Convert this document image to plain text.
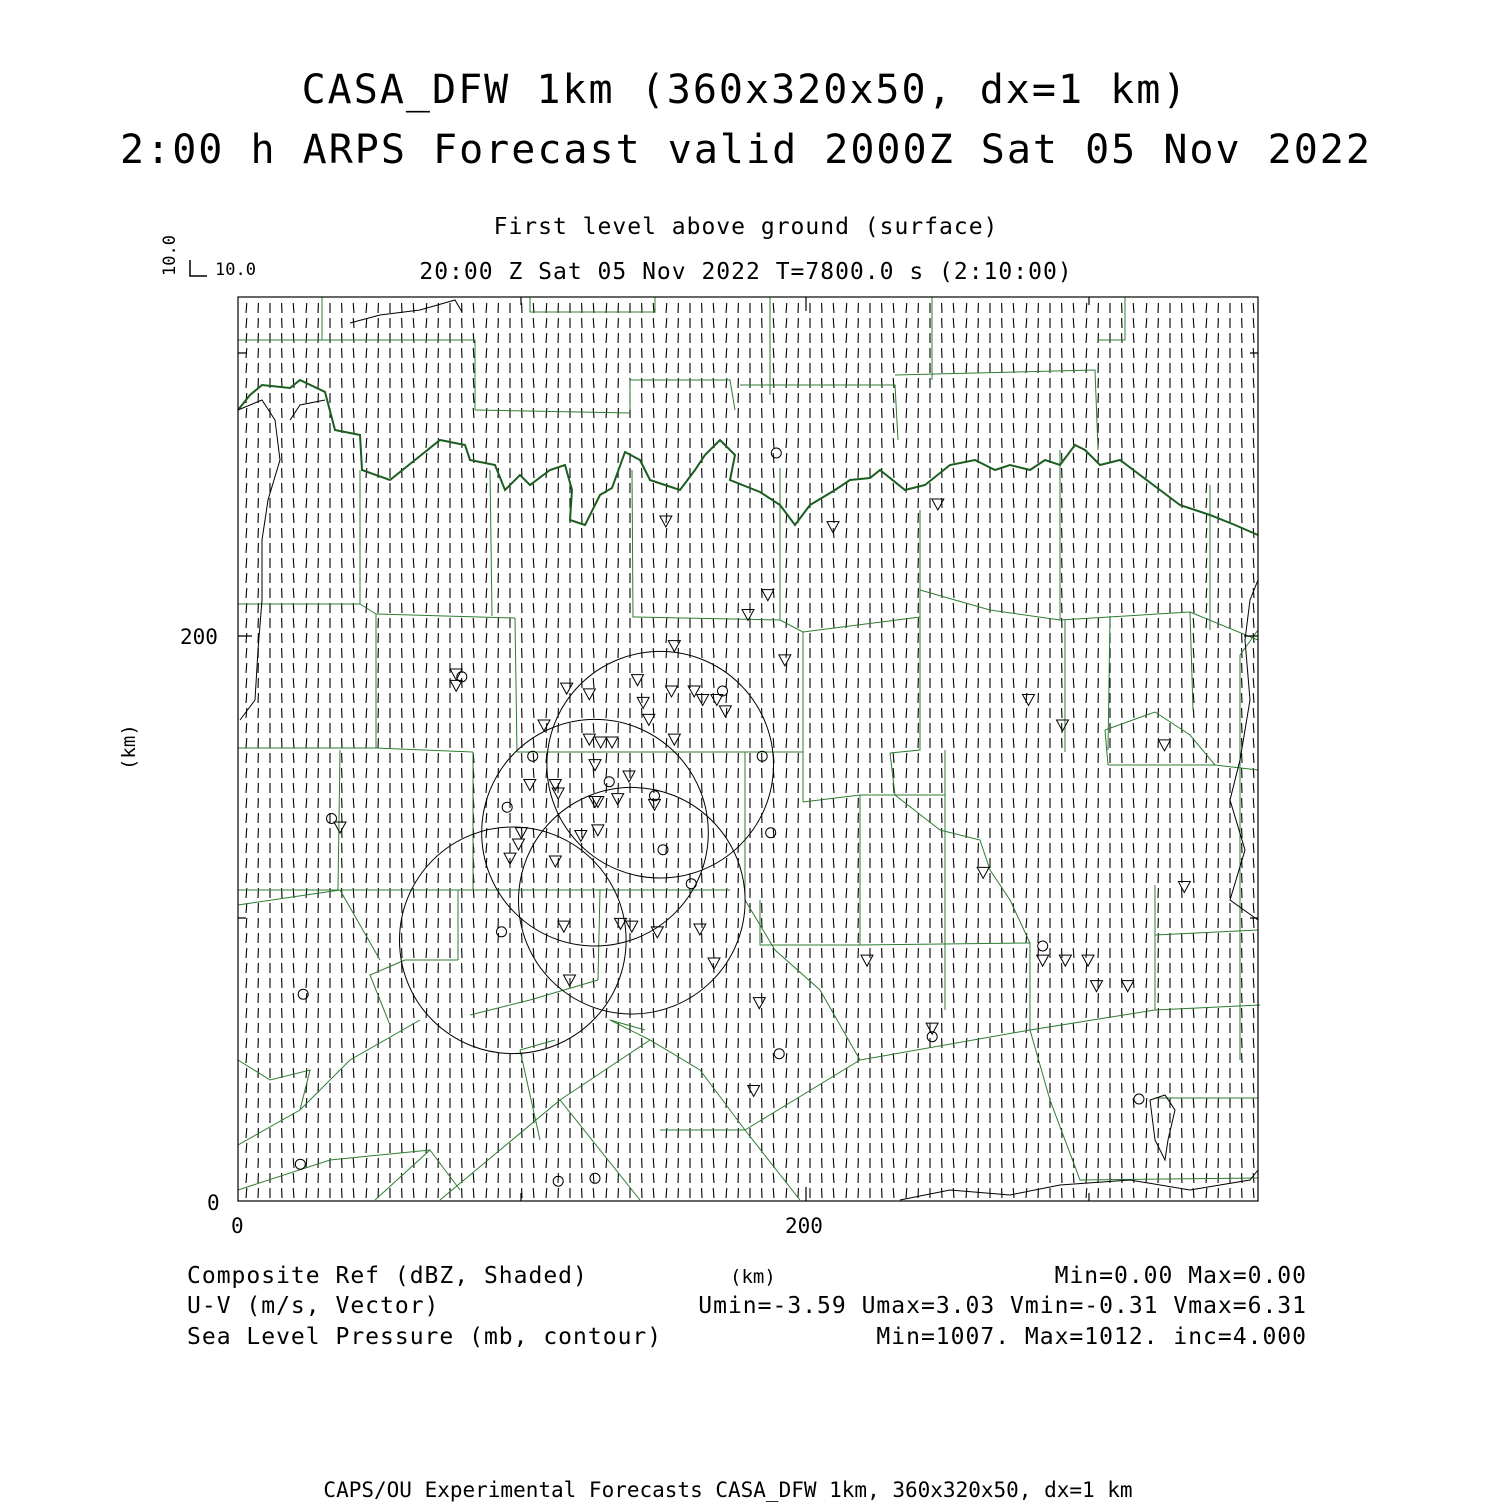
CASA_DFW 1km (360x320x50, dx=1 km)
2:00 h ARPS Forecast valid 2000Z Sat 05 Nov 2022
First level above ground (surface)
20:00 Z Sat 05 Nov 2022 T=7800.0 s (2:10:00)
10.0
10.0
200
0
0	200
(km)
(km)
Composite Ref (dBZ, Shaded)	Min=0.00 Max=0.00
U-V (m/s, Vector)	Umin=-3.59 Umax=3.03 Vmin=-0.31 Vmax=6.31
Sea Level Pressure (mb, contour)	Min=1007. Max=1012. inc=4.000
CAPS/OU Experimental Forecasts CASA_DFW 1km, 360x320x50, dx=1 km
